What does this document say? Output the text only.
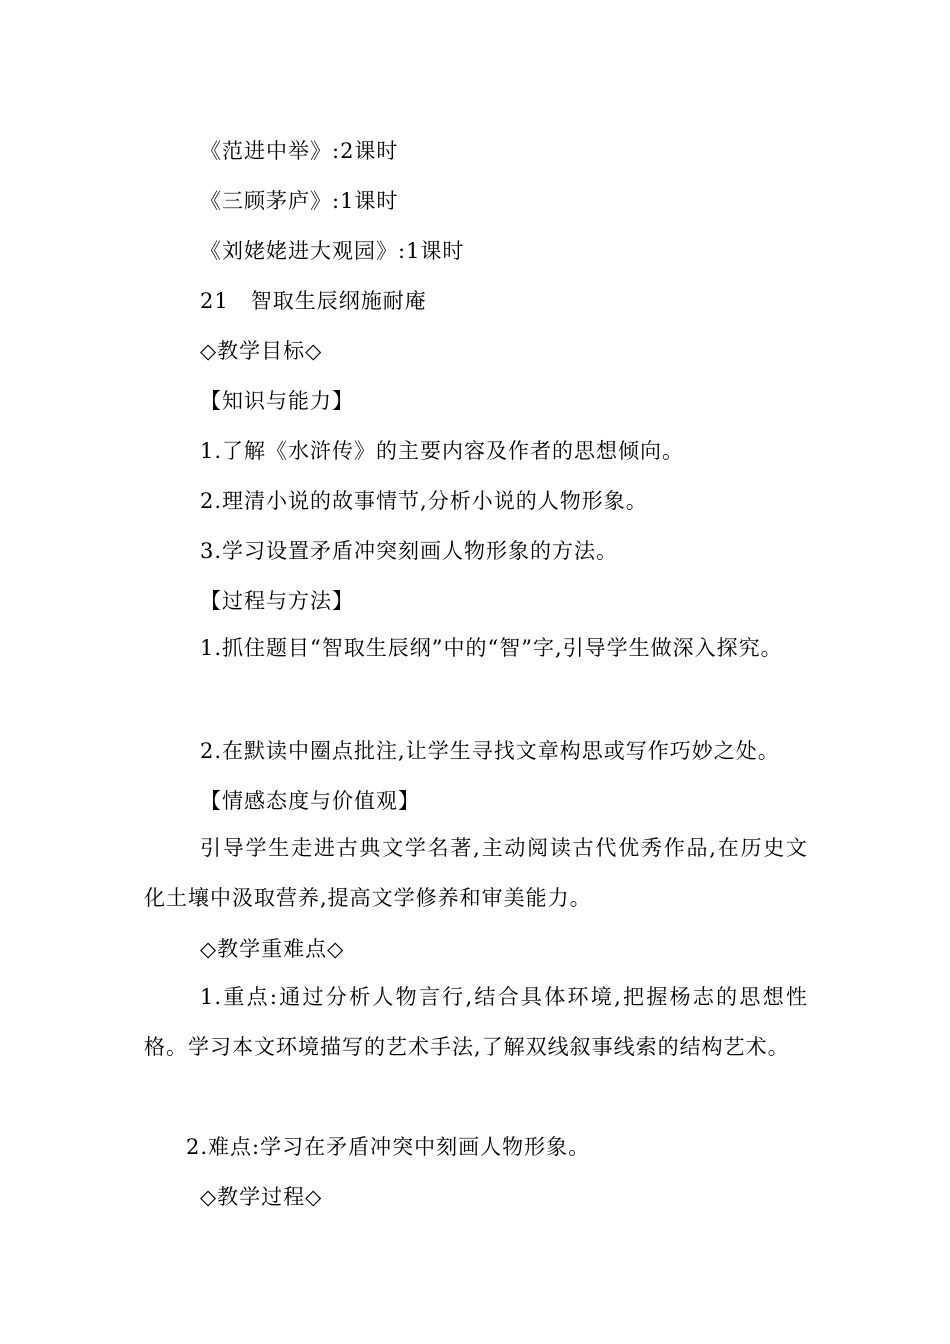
《范进中举》:2课时
《三顾茅庐》:1课时
《刘姥姥进大观园》:1课时
21　智取生辰纲施耐庵
◇教学目标◇
【知识与能力】
1.了解《水浒传》的主要内容及作者的思想倾向。
2.理清小说的故事情节,分析小说的人物形象。
3.学习设置矛盾冲突刻画人物形象的方法。
【过程与方法】
1.抓住题目“智取生辰纲”中的“智”字,引导学生做深入探究。
2.在默读中圈点批注,让学生寻找文章构思或写作巧妙之处。
【情感态度与价值观】
引导学生走进古典文学名著,主动阅读古代优秀作品,在历史文化土壤中汲取营养,提高文学修养和审美能力。
◇教学重难点◇
1.重点:通过分析人物言行,结合具体环境,把握杨志的思想性格。学习本文环境描写的艺术手法,了解双线叙事线索的结构艺术。
2.难点:学习在矛盾冲突中刻画人物形象。
◇教学过程◇
